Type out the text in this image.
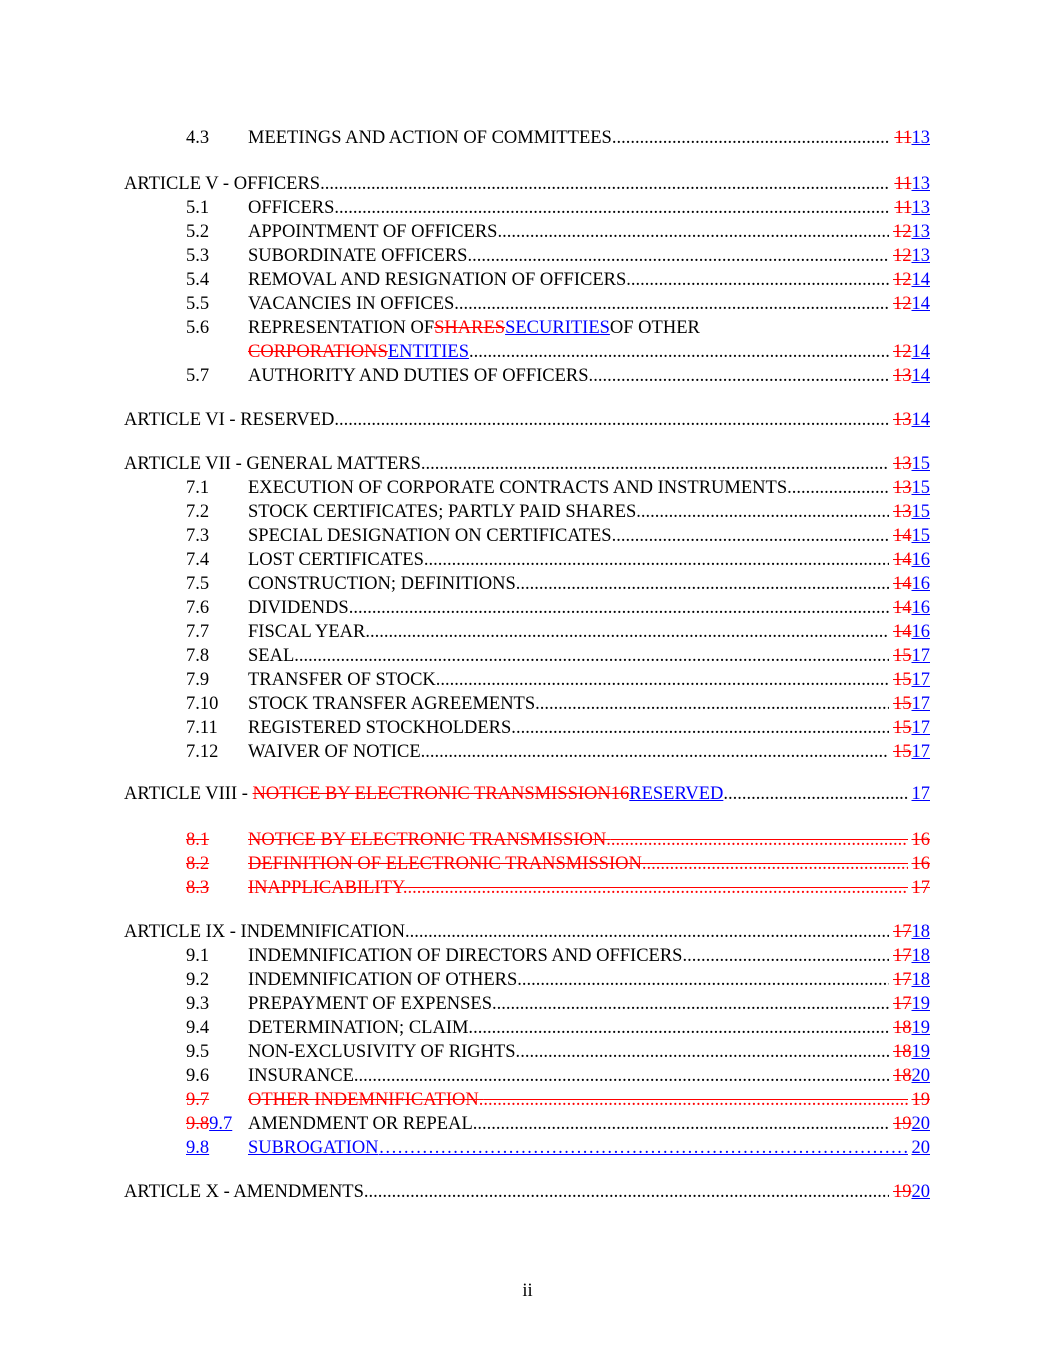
4.3 MEETINGS AND ACTION OF COMMITTEES. .....	1113
ARTICLE V - OFFICERS .....	1113
5.1 OFFICERS. .....	1113
5.2 APPOINTMENT OF OFFICERS. .....	1213
5.3 SUBORDINATE OFFICERS. .....	1213
5.4 REMOVAL AND RESIGNATION OF OFFICERS. .....	1214
5.5 VACANCIES IN OFFICES. .....	1214
5.6 REPRESENTATION OF SHARES SECURITIES OF OTHER
CORPORATIONS ENTITIES . .....	1214
5.7 AUTHORITY AND DUTIES OF OFFICERS. .....	1314
ARTICLE VI - RESERVED .....	1314
ARTICLE VII - GENERAL MATTERS .....	1315
7.1 EXECUTION OF CORPORATE CONTRACTS AND INSTRUMENTS. .....	1315
7.2 STOCK CERTIFICATES; PARTLY PAID SHARES. .....	1315
7.3 SPECIAL DESIGNATION ON CERTIFICATES. .....	1415
7.4 LOST CERTIFICATES. .....	1416
7.5 CONSTRUCTION; DEFINITIONS. .....	1416
7.6 DIVIDENDS. .....	1416
7.7 FISCAL YEAR. .....	1416
7.8 SEAL. .....	1517
7.9 TRANSFER OF STOCK. .....	1517
7.10 STOCK TRANSFER AGREEMENTS. .....	1517
7.11 REGISTERED STOCKHOLDERS. .....	1517
7.12 WAIVER OF NOTICE. .....	1517
ARTICLE VIII - NOTICE BY ELECTRONIC TRANSMISSION16RESERVED .....	17
8.1 NOTICE BY ELECTRONIC TRANSMISSION. .....	16
8.2 DEFINITION OF ELECTRONIC TRANSMISSION. .....	16
8.3 INAPPLICABILITY. .....	17
ARTICLE IX - INDEMNIFICATION .....	1718
9.1 INDEMNIFICATION OF DIRECTORS AND OFFICERS. .....	1718
9.2 INDEMNIFICATION OF OTHERS. .....	1718
9.3 PREPAYMENT OF EXPENSES. .....	1719
9.4 DETERMINATION; CLAIM. .....	1819
9.5 NON-EXCLUSIVITY OF RIGHTS. .....	1819
9.6 INSURANCE. .....	1820
9.7 OTHER INDEMNIFICATION. .....	19
9.89.7 AMENDMENT OR REPEAL. .....	1920
9.8 SUBROGATION ……………………………………………………………………………………………………………………………………………………………	20
ARTICLE X - AMENDMENTS .....	1920
ii
